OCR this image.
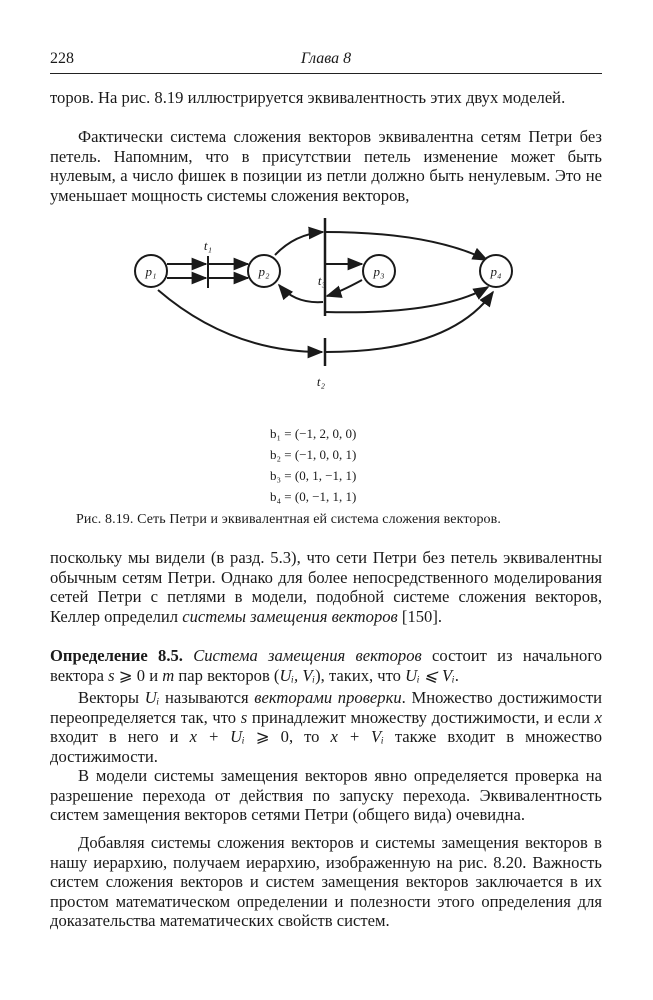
228	Глава 8

торов. На рис. 8.19 иллюстрируется эквивалентность этих двух моделей.

Фактически система сложения векторов эквивалентна сетям Петри без петель. Напомним, что в присутствии петель изменение может быть нулевым, а число фишек в позиции из петли должно быть ненулевым. Это не уменьшает мощность системы сложения векторов,

p₁	p₂	p₃	p₄
t₁
t₃
t₂
b₁ = (−1, 2, 0, 0)
b₂ = (−1, 0, 0, 1)
b₃ = (0, 1, −1, 1)
b₄ = (0, −1, 1, 1)
Рис. 8.19. Сеть Петри и эквивалентная ей система сложения векторов.

поскольку мы видели (в разд. 5.3), что сети Петри без петель эквивалентны обычным сетям Петри. Однако для более непосредственного моделирования сетей Петри с петлями в модели, подобной системе сложения векторов, Келлер определил системы замещения векторов [150].

Определение 8.5. Система замещения векторов состоит из начального вектора s ⩾ 0 и m пар векторов (Uᵢ, Vᵢ), таких, что Uᵢ ⩽ Vᵢ.

Векторы Uᵢ называются векторами проверки. Множество достижимости переопределяется так, что s принадлежит множеству достижимости, и если x входит в него и x + Uᵢ ⩾ 0, то x + Vᵢ также входит в множество достижимости.

В модели системы замещения векторов явно определяется проверка на разрешение перехода от действия по запуску перехода. Эквивалентность систем замещения векторов сетями Петри (общего вида) очевидна.

Добавляя системы сложения векторов и системы замещения векторов в нашу иерархию, получаем иерархию, изображенную на рис. 8.20. Важность систем сложения векторов и систем замещения векторов заключается в их простом математическом определении и полезности этого определения для доказательства математических свойств систем.
